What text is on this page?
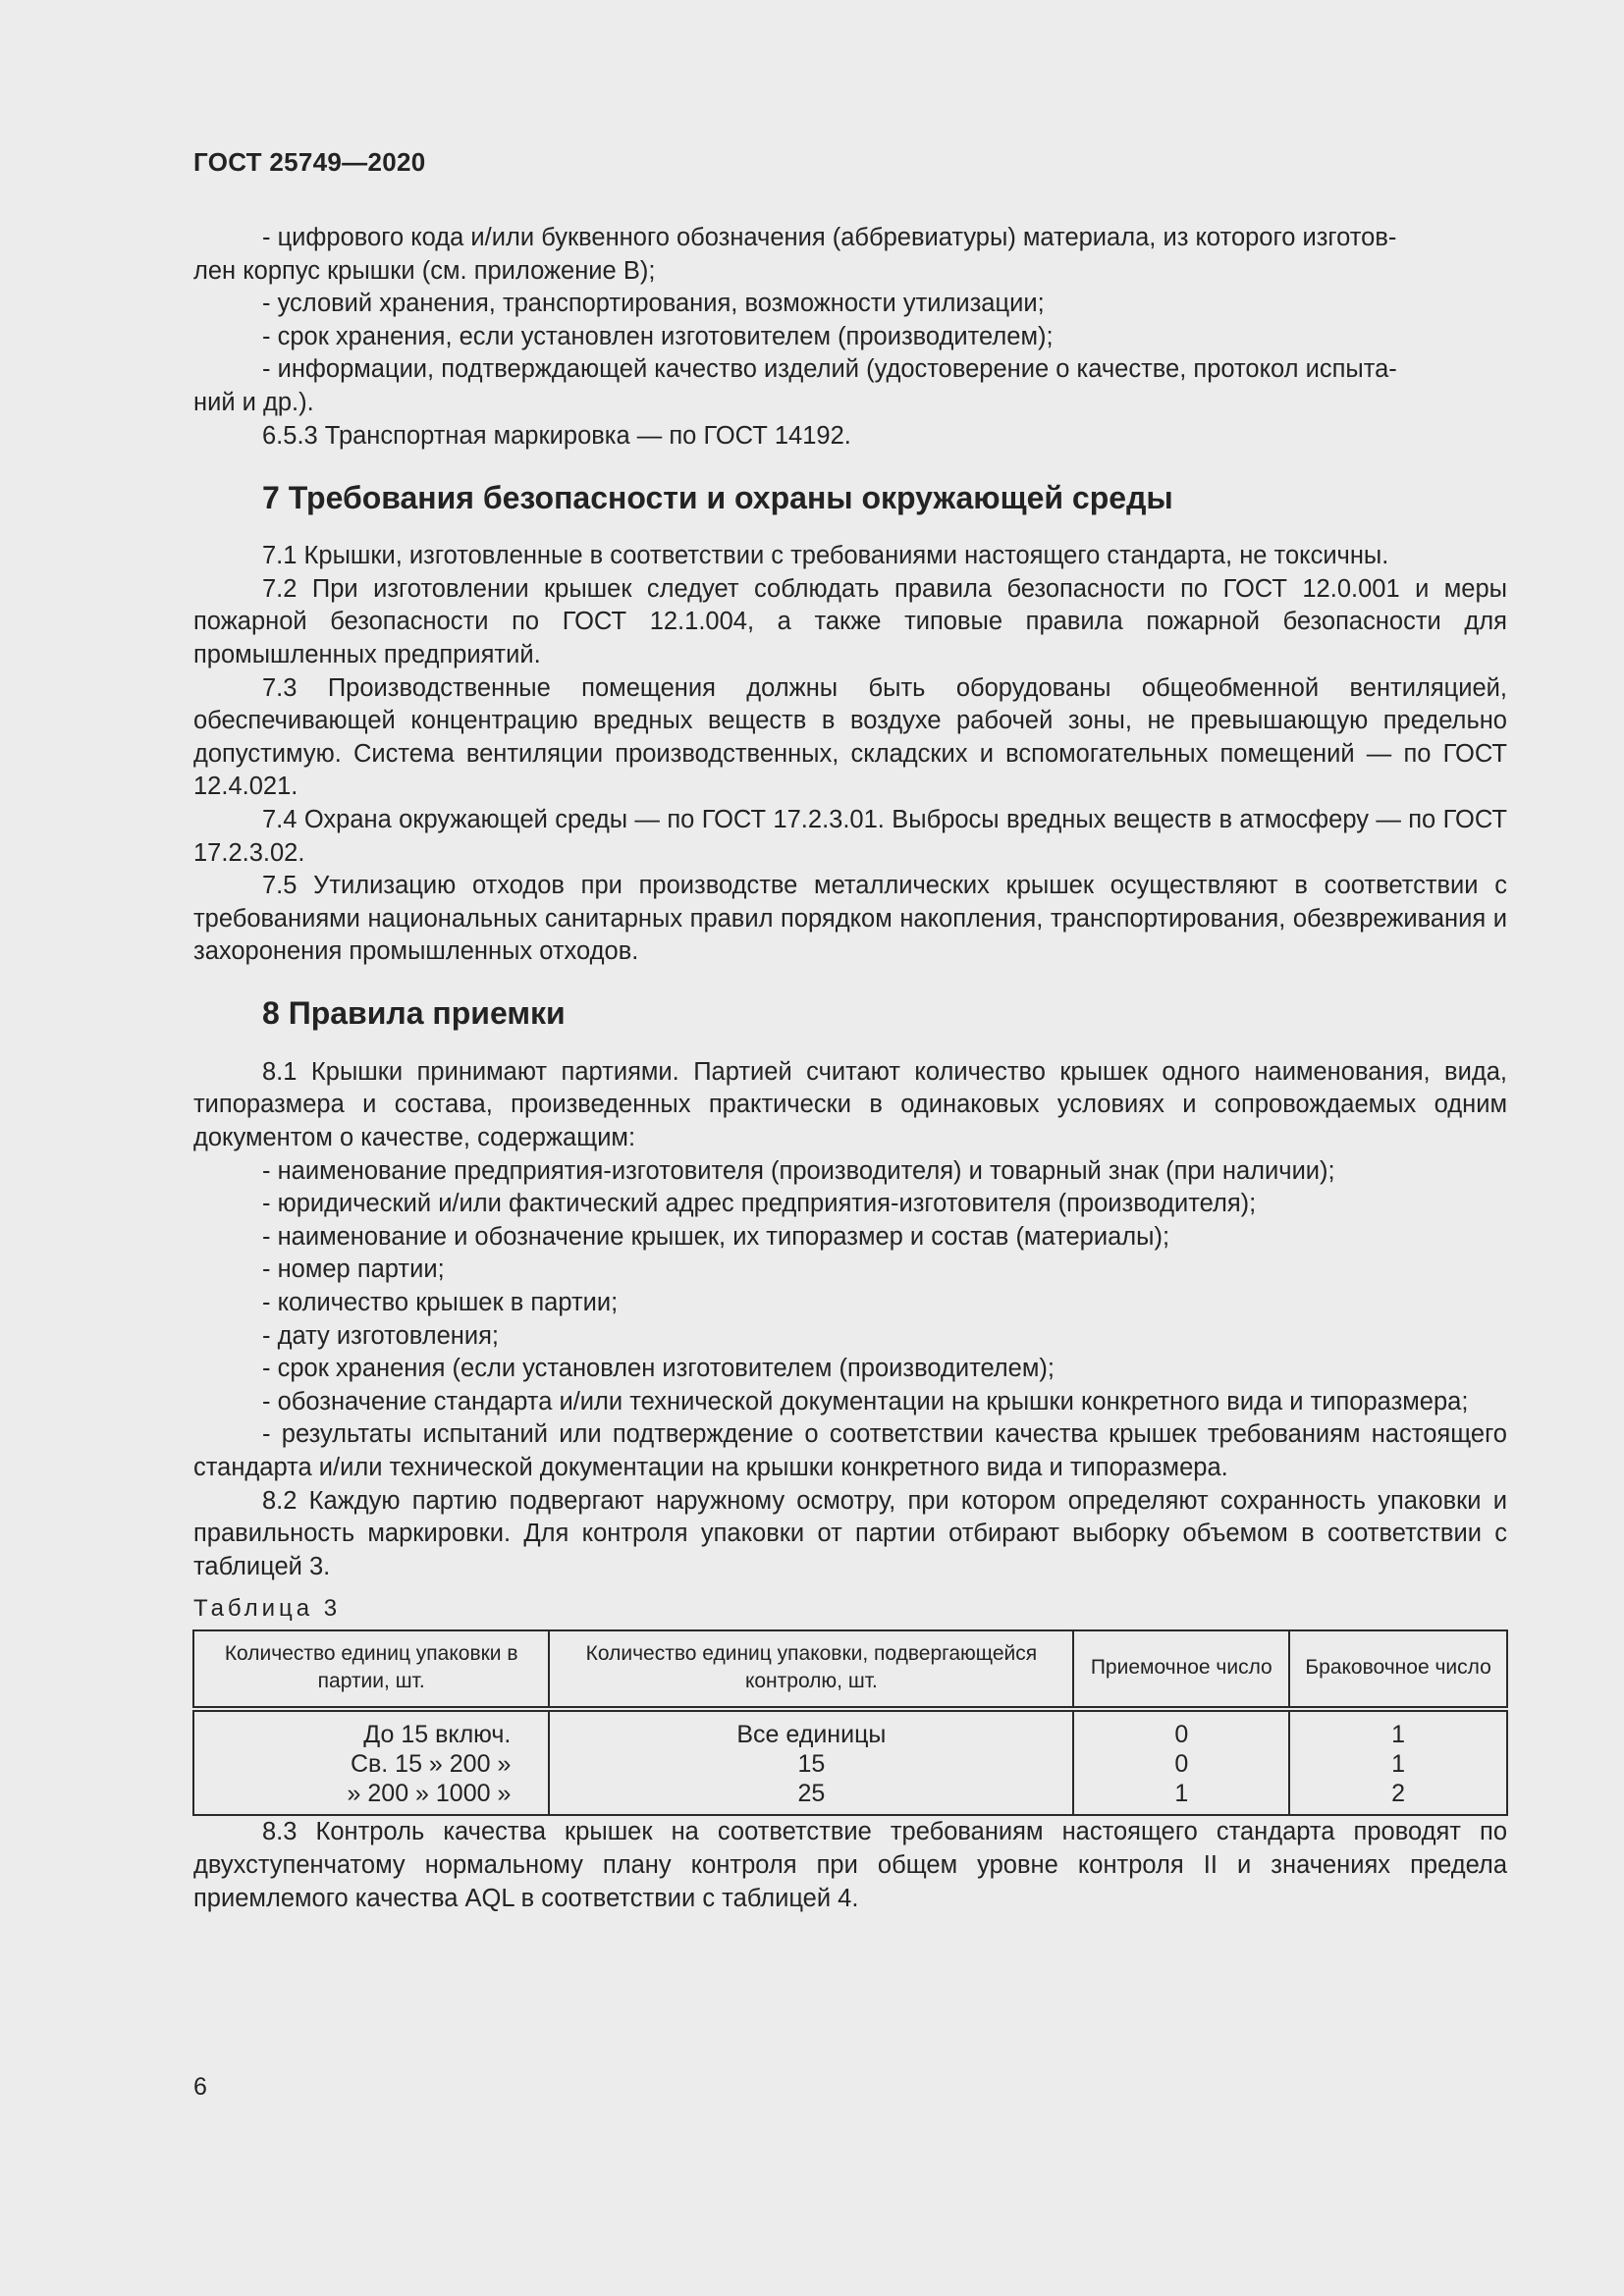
ГОСТ 25749—2020

- цифрового кода и/или буквенного обозначения (аббревиатуры) материала, из которого изготов-

лен корпус крышки (см. приложение В);

- условий хранения, транспортирования, возможности утилизации;

- срок хранения, если установлен изготовителем (производителем);

- информации, подтверждающей качество изделий (удостоверение о качестве, протокол испыта-

ний и др.).

6.5.3 Транспортная маркировка — по ГОСТ 14192.

7 Требования безопасности и охраны окружающей среды

7.1 Крышки, изготовленные в соответствии с требованиями настоящего стандарта, не токсичны.

7.2 При изготовлении крышек следует соблюдать правила безопасности по ГОСТ 12.0.001 и меры пожарной безопасности по ГОСТ 12.1.004, а также типовые правила пожарной безопасности для промышленных предприятий.

7.3 Производственные помещения должны быть оборудованы общеобменной вентиляцией, обеспечивающей концентрацию вредных веществ в воздухе рабочей зоны, не превышающую предельно допустимую. Система вентиляции производственных, складских и вспомогательных помещений — по ГОСТ 12.4.021.

7.4 Охрана окружающей среды — по ГОСТ 17.2.3.01. Выбросы вредных веществ в атмосферу — по ГОСТ 17.2.3.02.

7.5 Утилизацию отходов при производстве металлических крышек осуществляют в соответствии с требованиями национальных санитарных правил порядком накопления, транспортирования, обезвреживания и захоронения промышленных отходов.

8 Правила приемки

8.1 Крышки принимают партиями. Партией считают количество крышек одного наименования, вида, типоразмера и состава, произведенных практически в одинаковых условиях и сопровождаемых одним документом о качестве, содержащим:

- наименование предприятия-изготовителя (производителя) и товарный знак (при наличии);

- юридический и/или фактический адрес предприятия-изготовителя (производителя);

- наименование и обозначение крышек, их типоразмер и состав (материалы);

- номер партии;

- количество крышек в партии;

- дату изготовления;

- срок хранения (если установлен изготовителем (производителем);

- обозначение стандарта и/или технической документации на крышки конкретного вида и типоразмера;

- результаты испытаний или подтверждение о соответствии качества крышек требованиям настоящего стандарта и/или технической документации на крышки конкретного вида и типоразмера.

8.2 Каждую партию подвергают наружному осмотру, при котором определяют сохранность упаковки и правильность маркировки. Для контроля упаковки от партии отбирают выборку объемом в соответствии с таблицей 3.

Таблица 3
Количество единиц упаковки в партии, шт.	Количество единиц упаковки, подвергающейся контролю, шт.	Приемочное число	Браковочное число
До 15 включ.	Все единицы	0	1
Св. 15 » 200 »	15	0	1
» 200 » 1000 »	25	1	2

8.3 Контроль качества крышек на соответствие требованиям настоящего стандарта проводят по двухступенчатому нормальному плану контроля при общем уровне контроля II и значениях предела приемлемого качества AQL в соответствии с таблицей 4.

6
